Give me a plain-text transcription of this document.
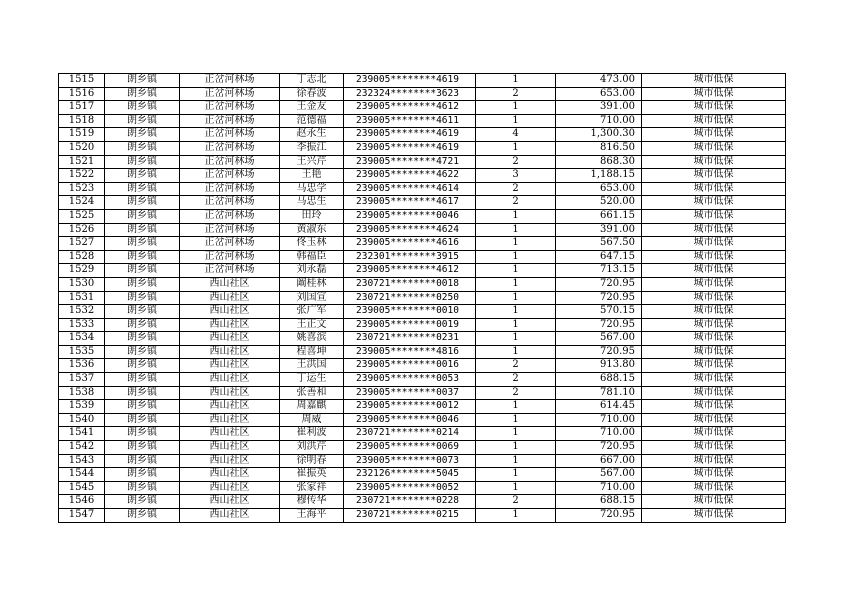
1515	朗乡镇	正岔河林场	丁志北	239005********4619	1	473.00	城市低保
1516	朗乡镇	正岔河林场	徐春波	232324********3623	2	653.00	城市低保
1517	朗乡镇	正岔河林场	王金友	239005********4612	1	391.00	城市低保
1518	朗乡镇	正岔河林场	范德福	239005********4611	1	710.00	城市低保
1519	朗乡镇	正岔河林场	赵永生	239005********4619	4	1,300.30	城市低保
1520	朗乡镇	正岔河林场	李振江	239005********4619	1	816.50	城市低保
1521	朗乡镇	正岔河林场	王兴芹	239005********4721	2	868.30	城市低保
1522	朗乡镇	正岔河林场	王艳	239005********4622	3	1,188.15	城市低保
1523	朗乡镇	正岔河林场	马忠学	239005********4614	2	653.00	城市低保
1524	朗乡镇	正岔河林场	马忠生	239005********4617	2	520.00	城市低保
1525	朗乡镇	正岔河林场	田玲	239005********0046	1	661.15	城市低保
1526	朗乡镇	正岔河林场	黄淑东	239005********4624	1	391.00	城市低保
1527	朗乡镇	正岔河林场	佟玉林	239005********4616	1	567.50	城市低保
1528	朗乡镇	正岔河林场	韩福臣	232301********3915	1	647.15	城市低保
1529	朗乡镇	正岔河林场	刘永磊	239005********4612	1	713.15	城市低保
1530	朗乡镇	西山社区	阚桂林	230721********0018	1	720.95	城市低保
1531	朗乡镇	西山社区	刘国宣	230721********0250	1	720.95	城市低保
1532	朗乡镇	西山社区	张广军	239005********0010	1	570.15	城市低保
1533	朗乡镇	西山社区	王正文	239005********0019	1	720.95	城市低保
1534	朗乡镇	西山社区	姚喜滨	230721********0231	1	567.00	城市低保
1535	朗乡镇	西山社区	程喜坤	239005********4816	1	720.95	城市低保
1536	朗乡镇	西山社区	王洪国	239005********0016	2	913.80	城市低保
1537	朗乡镇	西山社区	丁运生	239005********0053	2	688.15	城市低保
1538	朗乡镇	西山社区	张善和	239005********0037	2	781.10	城市低保
1539	朗乡镇	西山社区	周嘉麒	239005********0012	1	614.45	城市低保
1540	朗乡镇	西山社区	周威	239005********0046	1	710.00	城市低保
1541	朗乡镇	西山社区	崔利波	230721********0214	1	710.00	城市低保
1542	朗乡镇	西山社区	刘洪芹	239005********0069	1	720.95	城市低保
1543	朗乡镇	西山社区	徐明春	239005********0073	1	667.00	城市低保
1544	朗乡镇	西山社区	崔振英	232126********5045	1	567.00	城市低保
1545	朗乡镇	西山社区	张家祥	239005********0052	1	710.00	城市低保
1546	朗乡镇	西山社区	穆传华	230721********0228	2	688.15	城市低保
1547	朗乡镇	西山社区	王海平	230721********0215	1	720.95	城市低保
